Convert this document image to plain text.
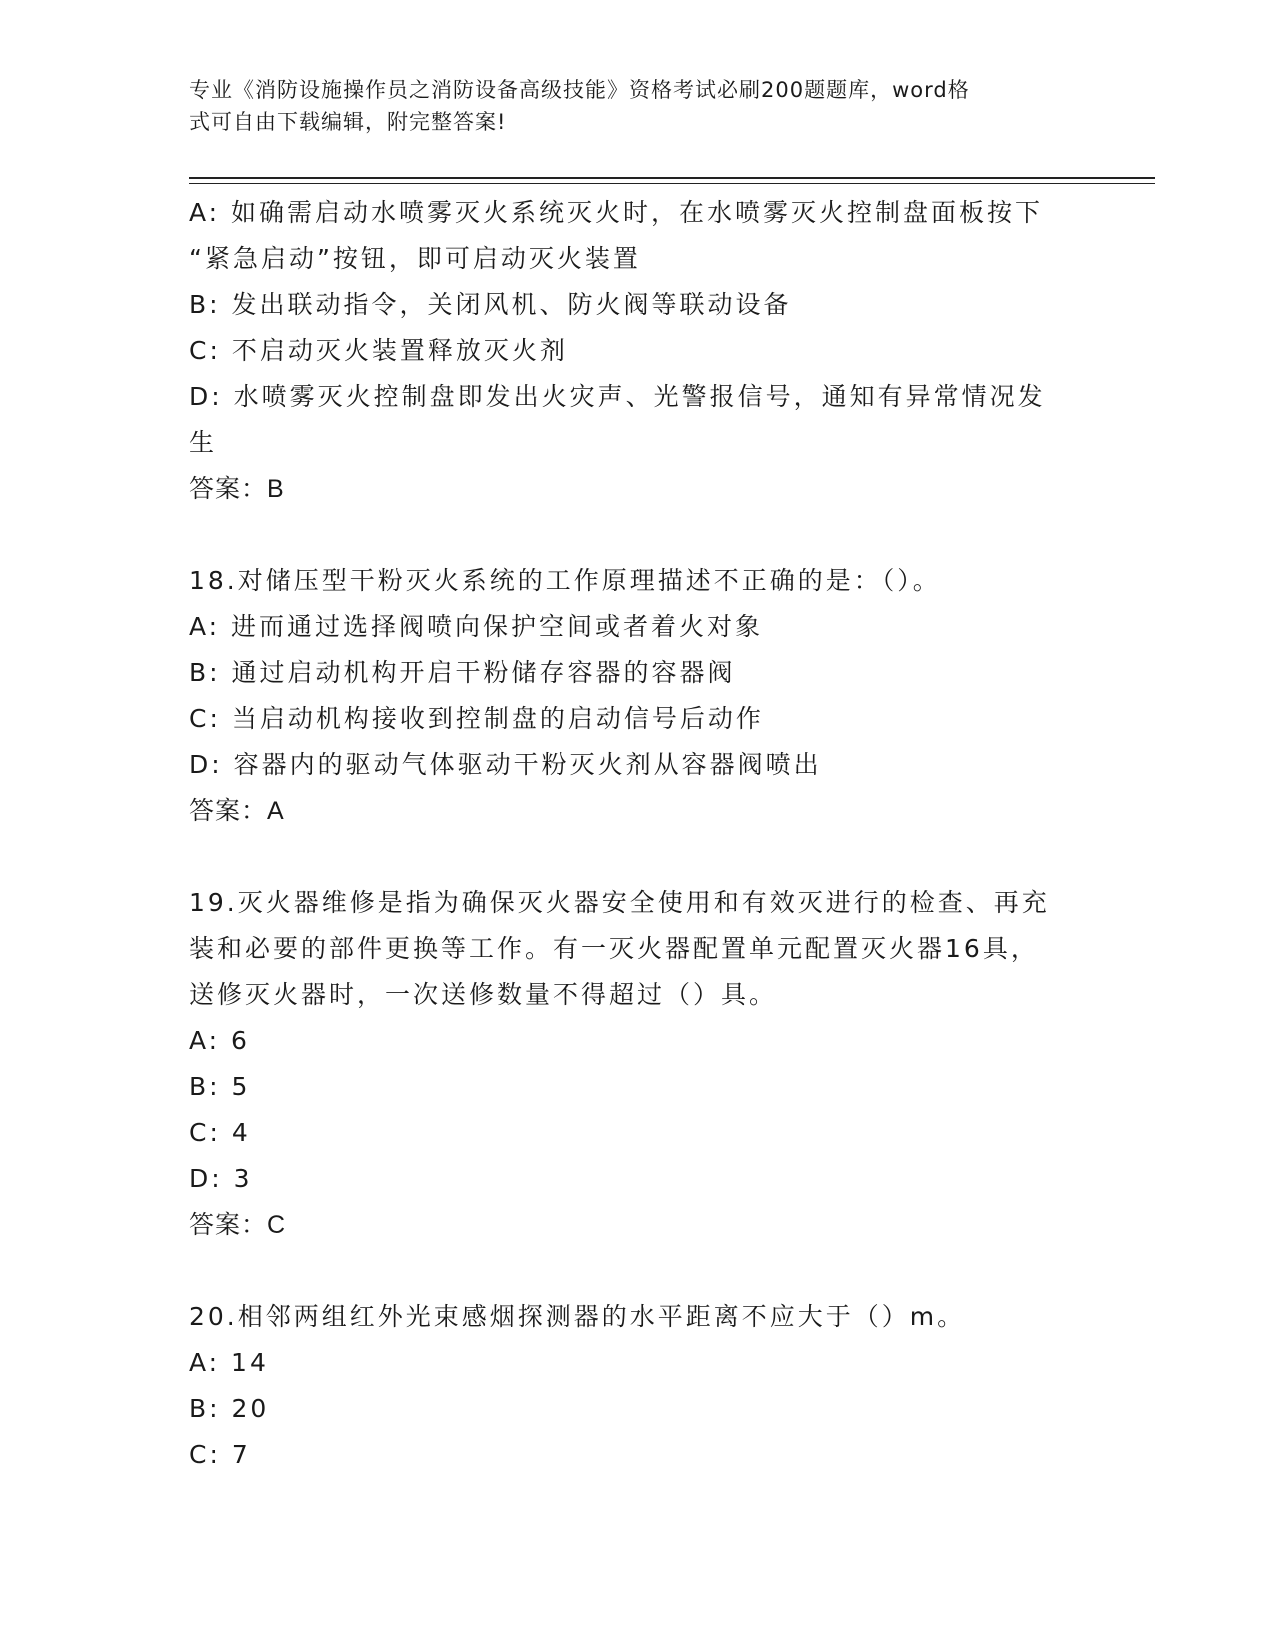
专业《消防设施操作员之消防设备高级技能》资格考试必刷200题题库，word格
式可自由下载编辑，附完整答案!

A: 如确需启动水喷雾灭火系统灭火时，在水喷雾灭火控制盘面板按下

“紧急启动”按钮，即可启动灭火装置

B: 发出联动指令，关闭风机、防火阀等联动设备

C: 不启动灭火装置释放灭火剂

D: 水喷雾灭火控制盘即发出火灾声、光警报信号，通知有异常情况发

生

答案：B

18.对储压型干粉灭火系统的工作原理描述不正确的是：（）。

A: 进而通过选择阀喷向保护空间或者着火对象

B: 通过启动机构开启干粉储存容器的容器阀

C: 当启动机构接收到控制盘的启动信号后动作

D: 容器内的驱动气体驱动干粉灭火剂从容器阀喷出

答案：A

19.灭火器维修是指为确保灭火器安全使用和有效灭进行的检查、再充

装和必要的部件更换等工作。有一灭火器配置单元配置灭火器16具，

送修灭火器时，一次送修数量不得超过（）具。

A: 6

B: 5

C: 4

D: 3

答案：C

20.相邻两组红外光束感烟探测器的水平距离不应大于（）m。

A: 14

B: 20

C: 7
